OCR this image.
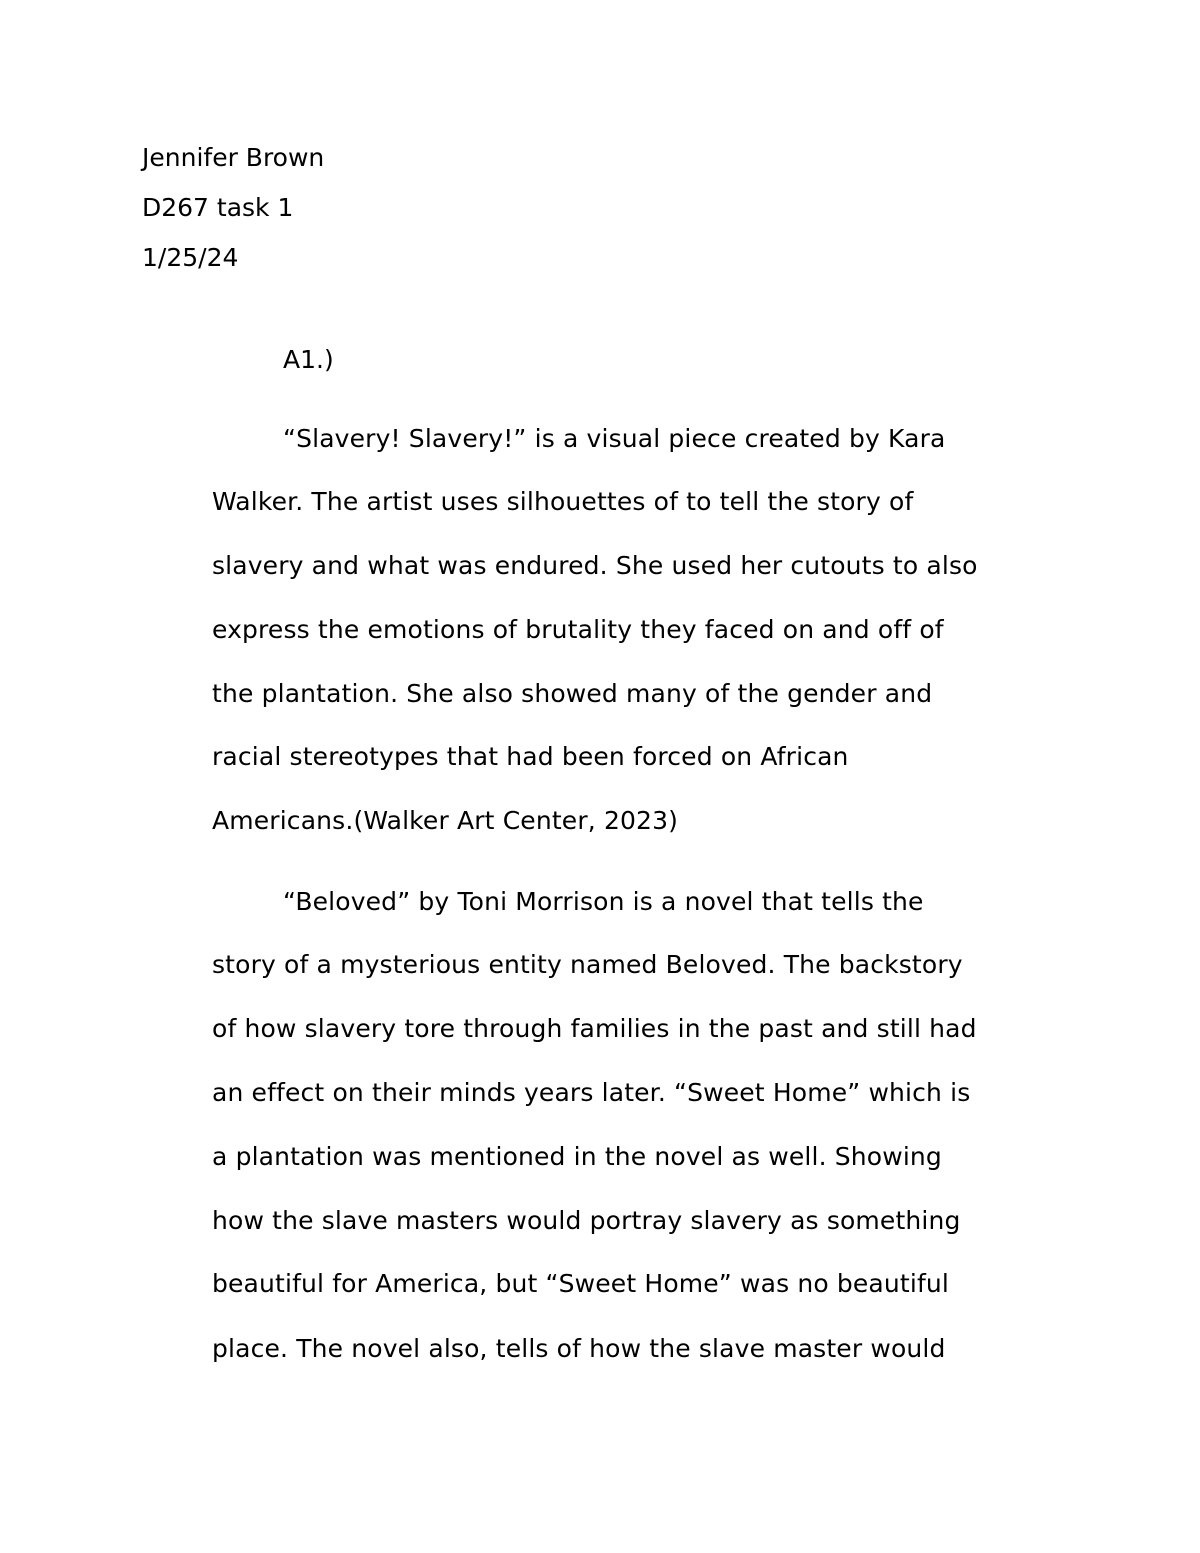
Jennifer Brown
D267 task 1
1/25/24
A1.)
“Slavery! Slavery!” is a visual piece created by Kara
Walker. The artist uses silhouettes of to tell the story of
slavery and what was endured. She used her cutouts to also
express the emotions of brutality they faced on and off of
the plantation. She also showed many of the gender and
racial stereotypes that had been forced on African
Americans.(Walker Art Center, 2023)
“Beloved” by Toni Morrison is a novel that tells the
story of a mysterious entity named Beloved. The backstory
of how slavery tore through families in the past and still had
an effect on their minds years later. “Sweet Home” which is
a plantation was mentioned in the novel as well. Showing
how the slave masters would portray slavery as something
beautiful for America, but “Sweet Home” was no beautiful
place. The novel also, tells of how the slave master would
